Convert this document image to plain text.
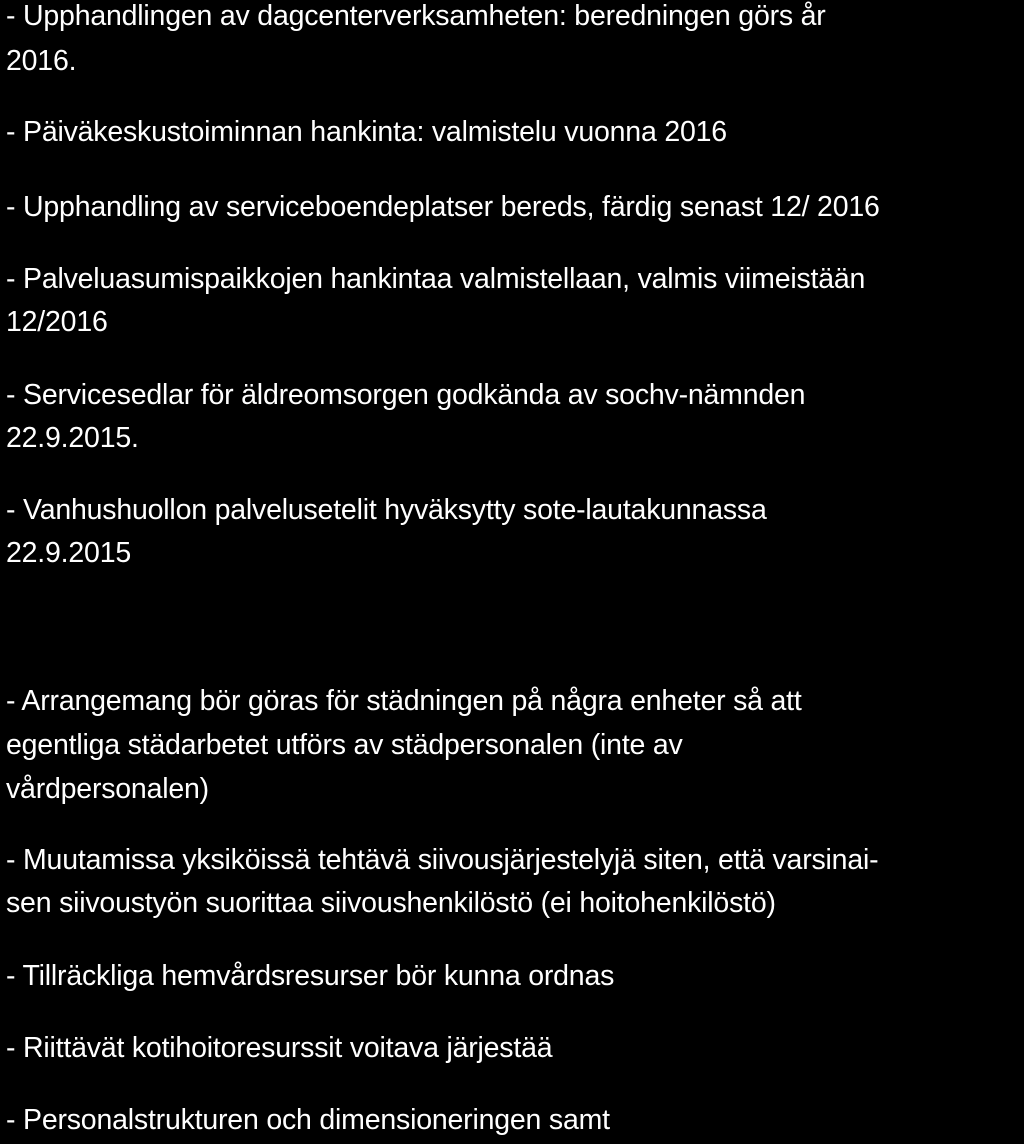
- Upphandlingen av dagcenterverksamheten: beredningen görs år
2016.
- Päiväkeskustoiminnan hankinta: valmistelu vuonna 2016
- Upphandling av serviceboendeplatser bereds, färdig senast 12/ 2016
- Palveluasumispaikkojen hankintaa valmistellaan, valmis viimeistään
12/2016
- Servicesedlar för äldreomsorgen godkända av sochv-nämnden
22.9.2015.
- Vanhushuollon palvelusetelit hyväksytty sote-lautakunnassa
22.9.2015
- Arrangemang bör göras för städningen på några enheter så att
egentliga städarbetet utförs av städpersonalen (inte av
vårdpersonalen)
- Muutamissa yksiköissä tehtävä siivousjärjestelyjä siten, että varsinai-
sen siivoustyön suorittaa siivoushenkilöstö (ei hoitohenkilöstö)
- Tillräckliga hemvårdsresurser bör kunna ordnas
- Riittävät kotihoitoresurssit voitava järjestää
- Personalstrukturen och dimensioneringen samt
